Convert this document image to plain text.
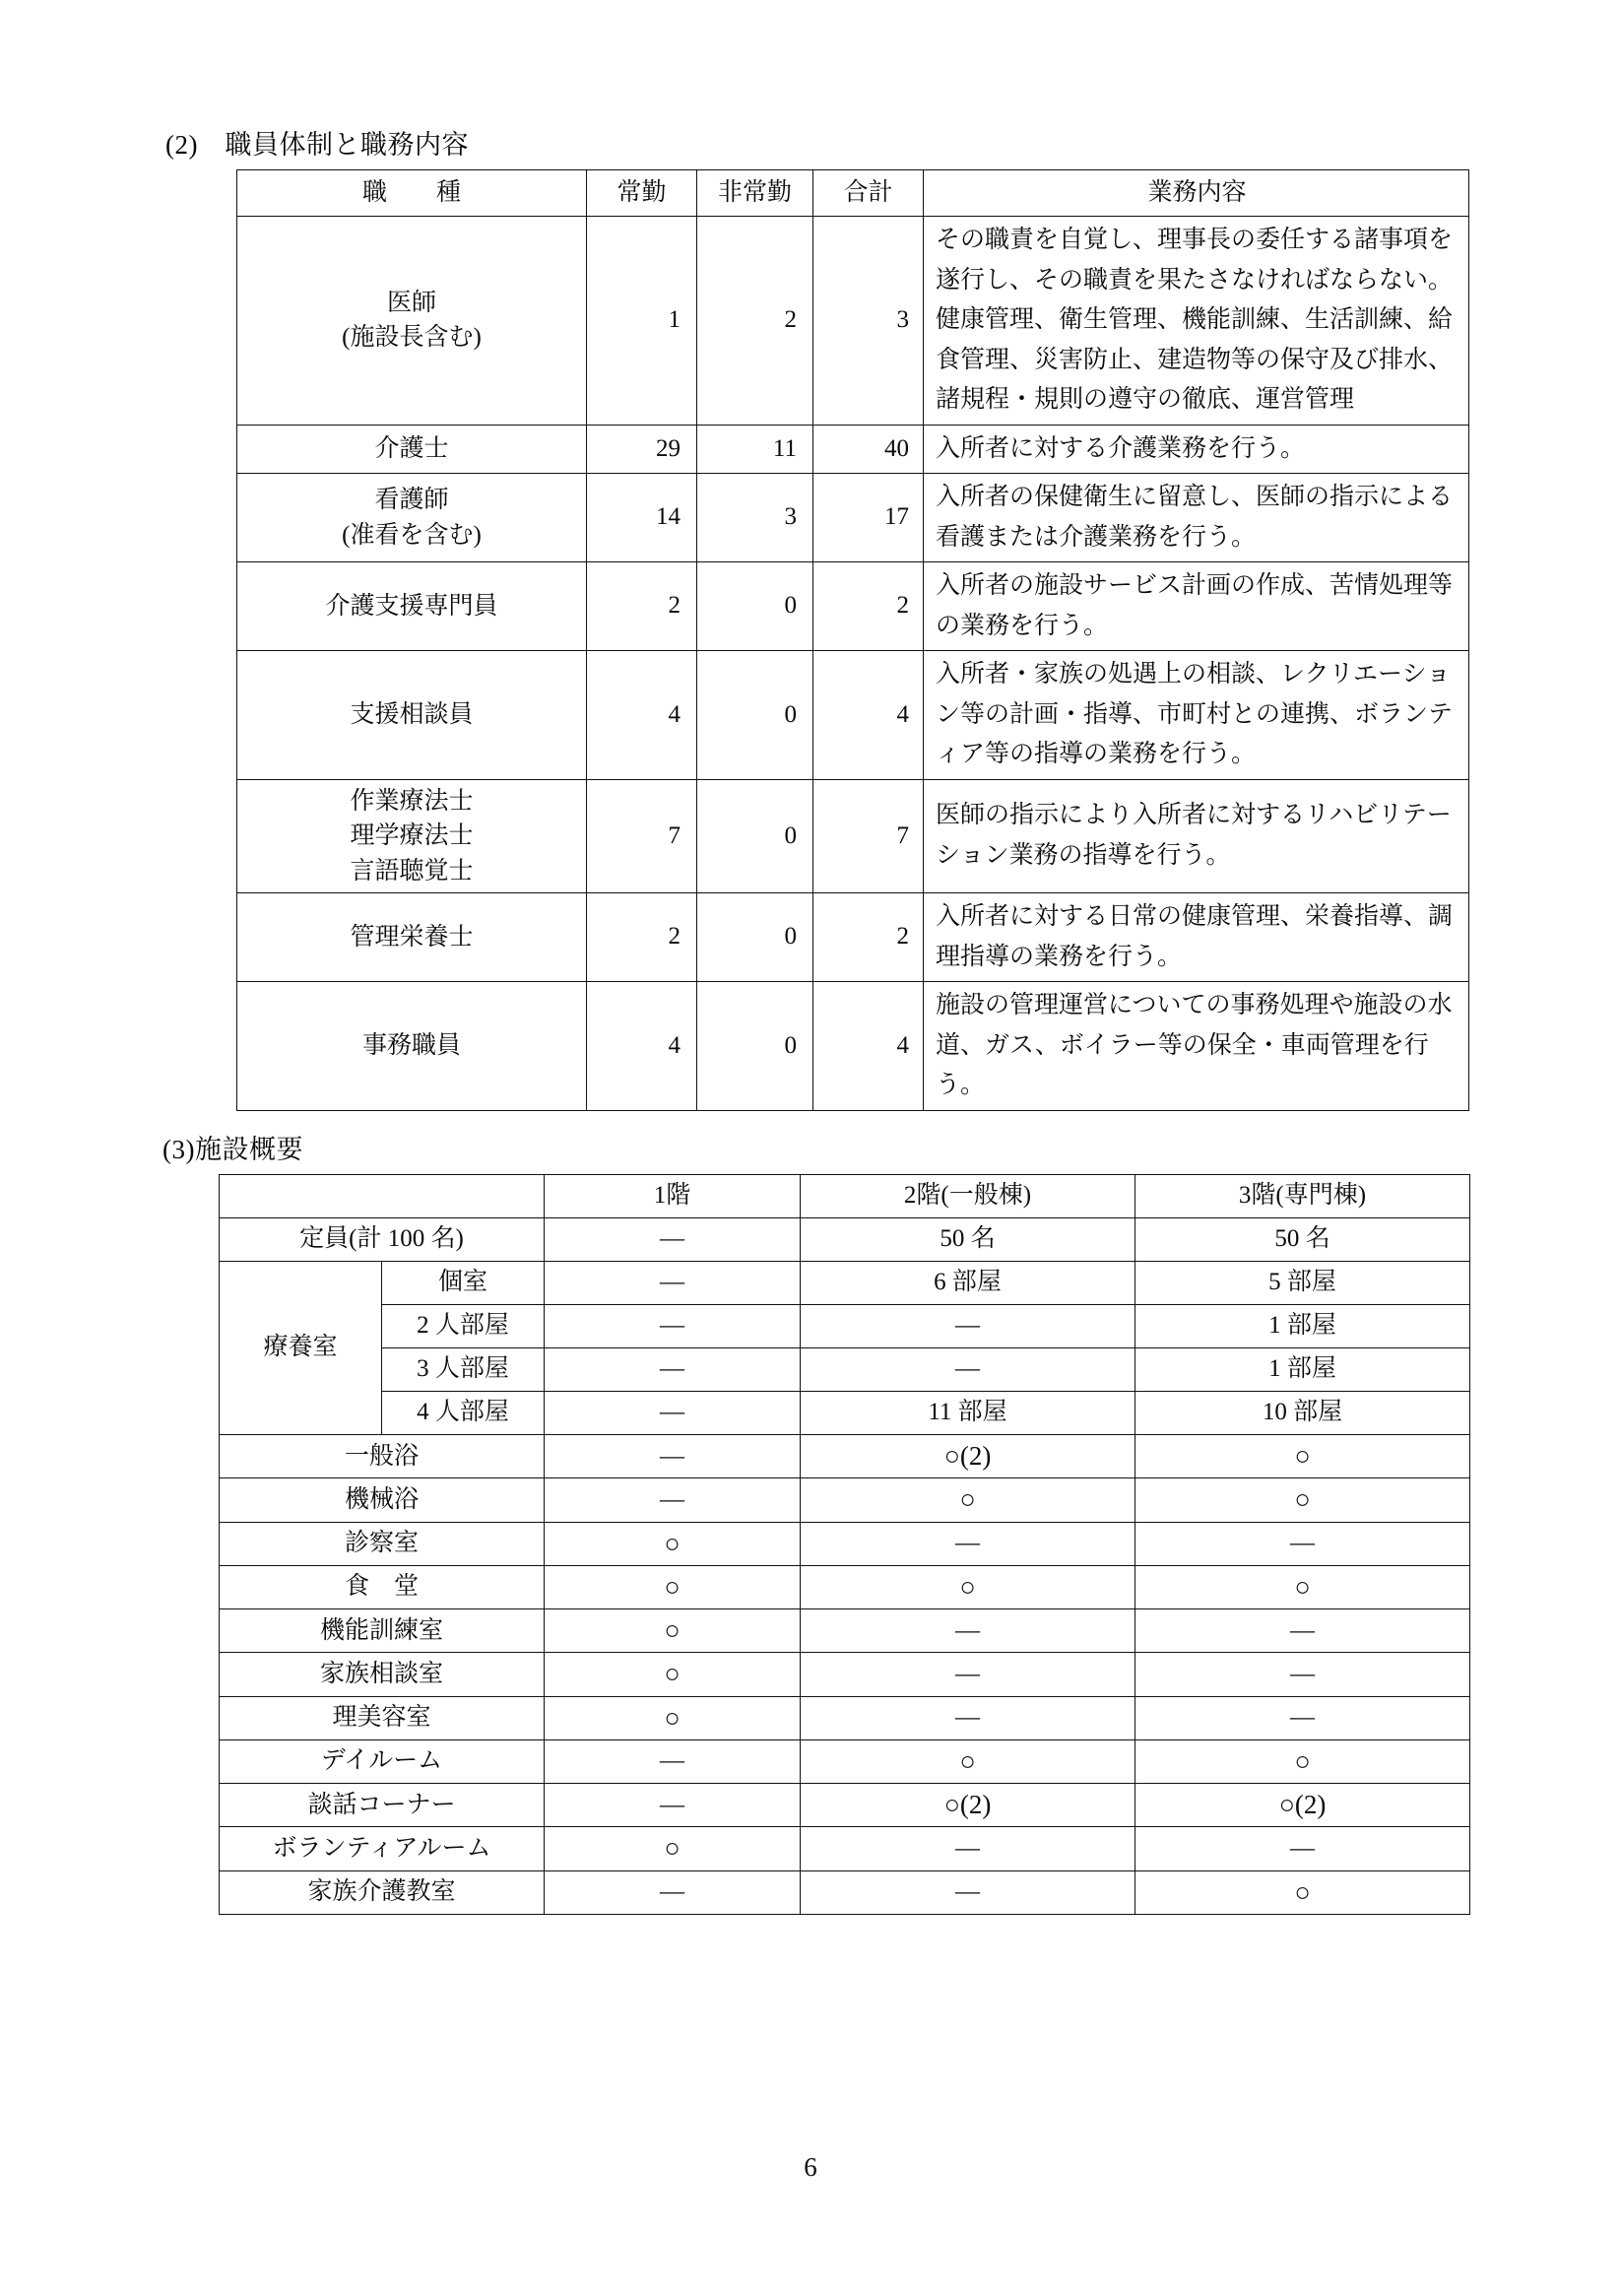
(2)　職員体制と職務内容
職　　種	常勤	非常勤	合計	業務内容

医師
(施設長含む)	1	2	3	その職責を自覚し、理事長の委任する諸事項を遂行し、その職責を果たさなければならない。健康管理、衛生管理、機能訓練、生活訓練、給食管理、災害防止、建造物等の保守及び排水、諸規程・規則の遵守の徹底、運営管理

介護士	29	11	40	入所者に対する介護業務を行う。

看護師
(准看を含む)	14	3	17	入所者の保健衛生に留意し、医師の指示による看護または介護業務を行う。

介護支援専門員	2	0	2	入所者の施設サービス計画の作成、苦情処理等の業務を行う。

支援相談員	4	0	4	入所者・家族の処遇上の相談、レクリエーション等の計画・指導、市町村との連携、ボランティア等の指導の業務を行う。

作業療法士
理学療法士
言語聴覚士	7	0	7	医師の指示により入所者に対するリハビリテーション業務の指導を行う。

管理栄養士	2	0	2	入所者に対する日常の健康管理、栄養指導、調理指導の業務を行う。

事務職員	4	0	4	施設の管理運営についての事務処理や施設の水道、ガス、ボイラー等の保全・車両管理を行う。
(3)施設概要
		1階	2階(一般棟)	3階(専門棟)
定員(計 100 名)		—	50 名	50 名
療養室	個室	—	6 部屋	5 部屋
	2 人部屋	—	—	1 部屋
	3 人部屋	—	—	1 部屋
	4 人部屋	—	11 部屋	10 部屋
一般浴		—	○(2)	○
機械浴		—	○	○
診察室		○	—	—
食　堂		○	○	○
機能訓練室		○	—	—
家族相談室		○	—	—
理美容室		○	—	—
デイルーム		—	○	○
談話コーナー		—	○(2)	○(2)
ボランティアルーム		○	—	—
家族介護教室		—	—	○
6
